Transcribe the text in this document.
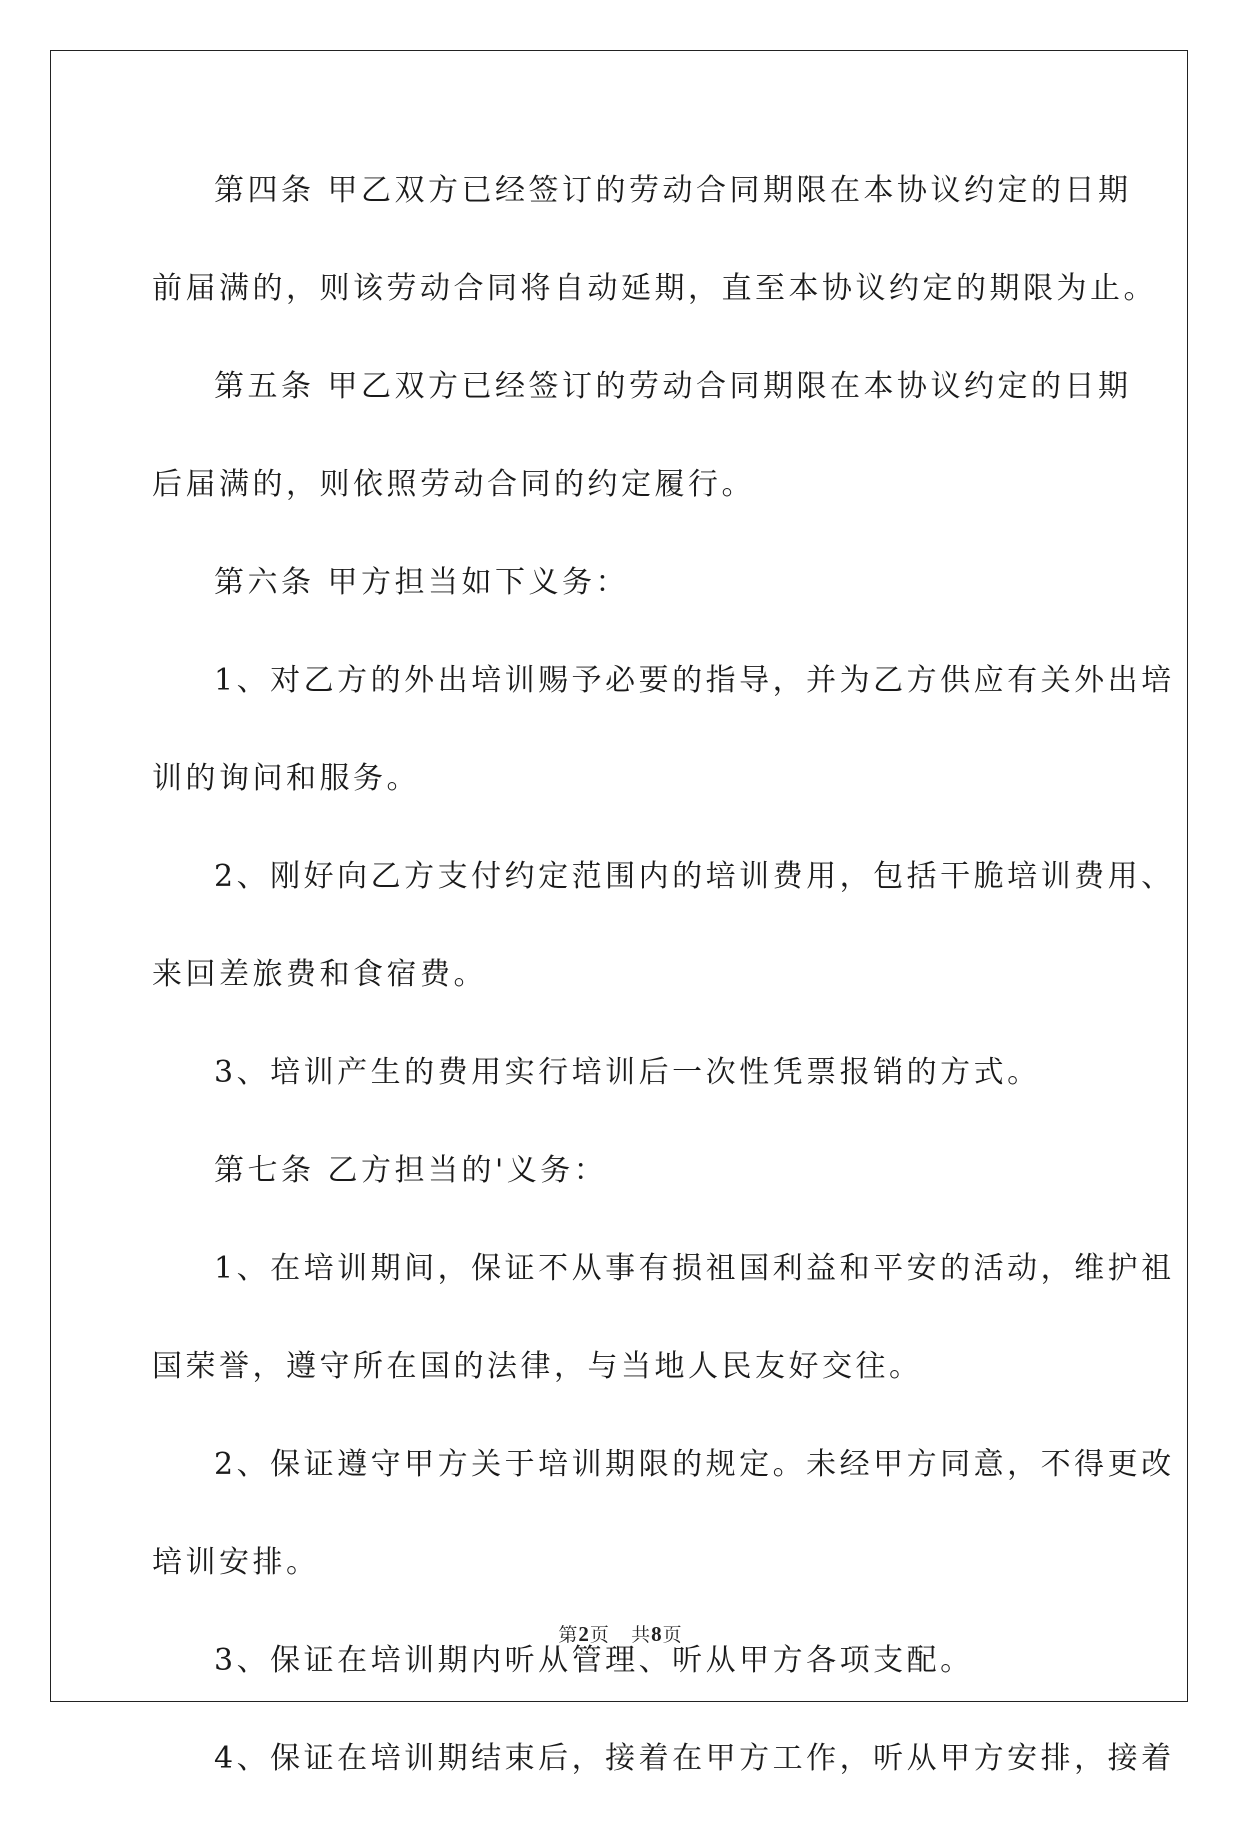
第四条 甲乙双方已经签订的劳动合同期限在本协议约定的日期
前届满的，则该劳动合同将自动延期，直至本协议约定的期限为止。
第五条 甲乙双方已经签订的劳动合同期限在本协议约定的日期
后届满的，则依照劳动合同的约定履行。
第六条 甲方担当如下义务：
1、对乙方的外出培训赐予必要的指导，并为乙方供应有关外出培
训的询问和服务。
2、刚好向乙方支付约定范围内的培训费用，包括干脆培训费用、
来回差旅费和食宿费。
3、培训产生的费用实行培训后一次性凭票报销的方式。
第七条 乙方担当的'义务：
1、在培训期间，保证不从事有损祖国利益和平安的活动，维护祖
国荣誉，遵守所在国的法律，与当地人民友好交往。
2、保证遵守甲方关于培训期限的规定。未经甲方同意，不得更改
培训安排。
3、保证在培训期内听从管理、听从甲方各项支配。
4、保证在培训期结束后，接着在甲方工作，听从甲方安排，接着
第2页 共8页
